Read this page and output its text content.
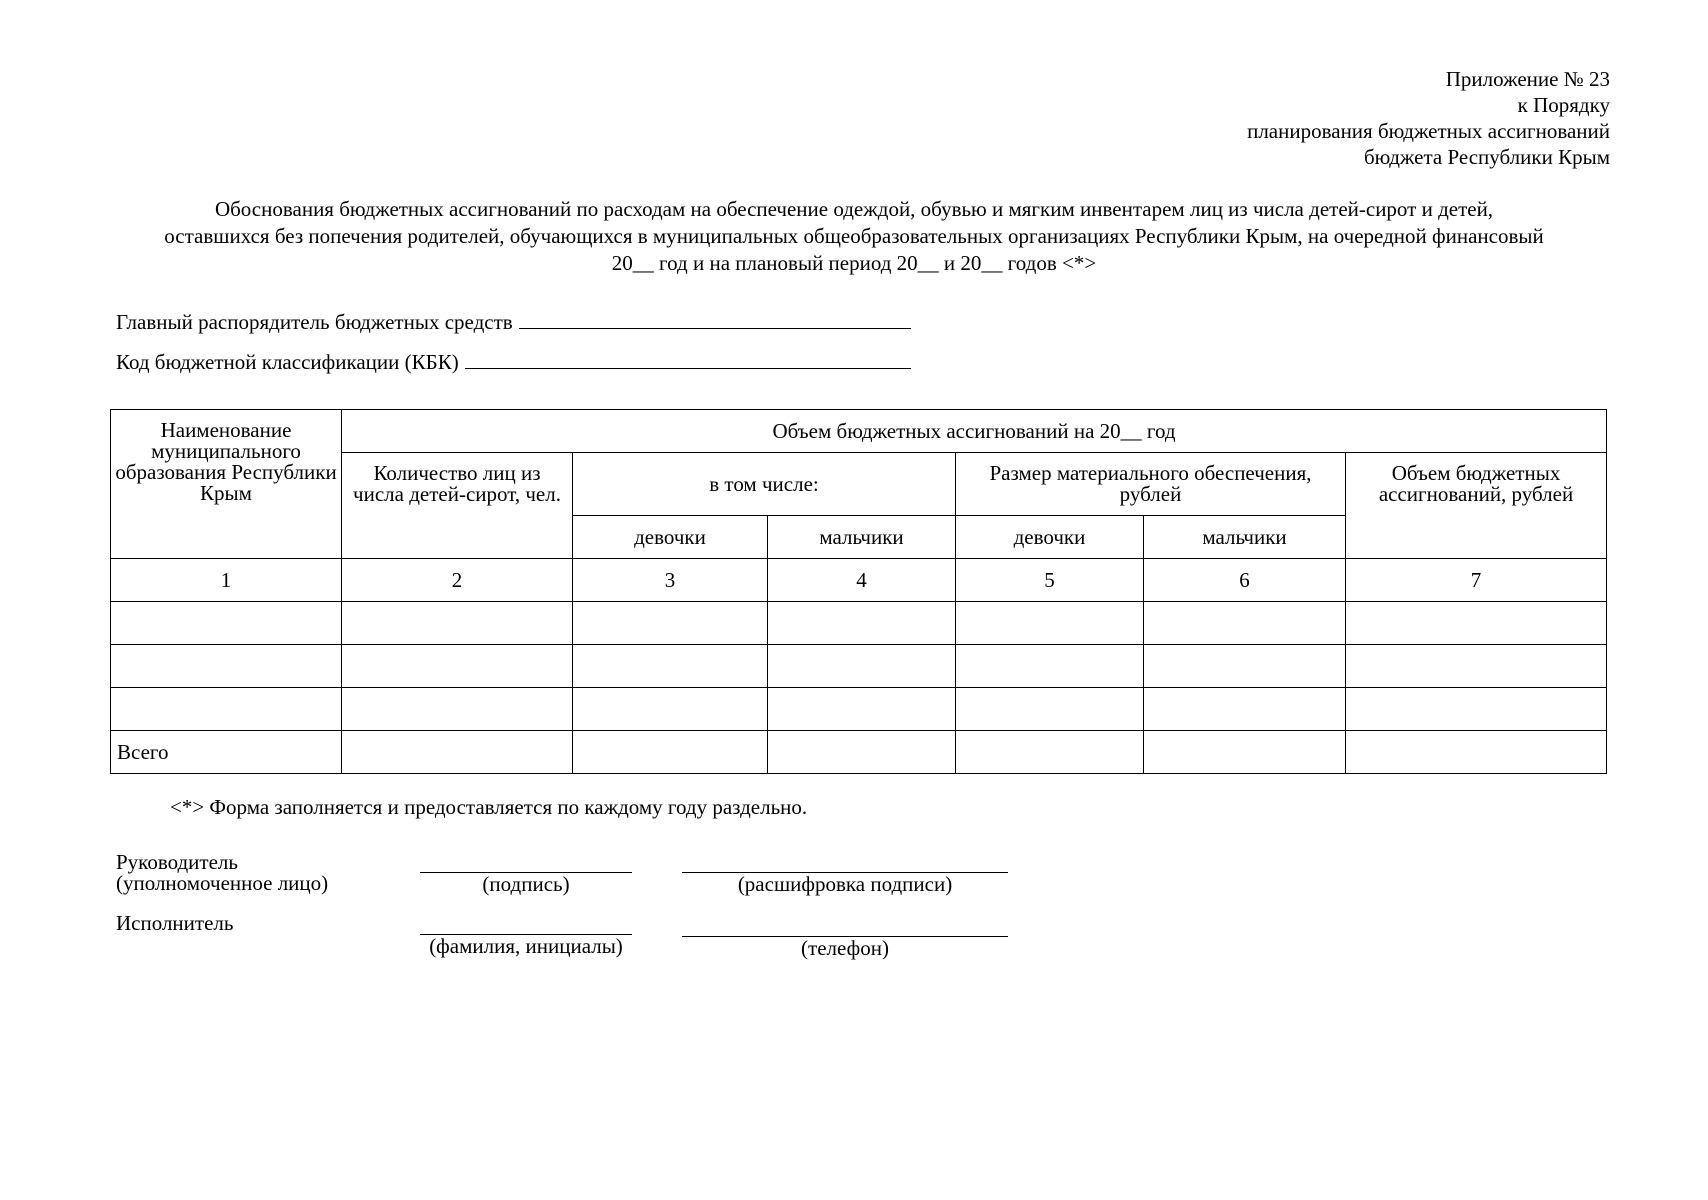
Приложение № 23
к Порядку
планирования бюджетных ассигнований
бюджета Республики Крым
Обоснования бюджетных ассигнований по расходам на обеспечение одеждой, обувью и мягким инвентарем лиц из числа детей-сирот и детей,
оставшихся без попечения родителей, обучающихся в муниципальных общеобразовательных организациях Республики Крым, на очередной финансовый
20__ год и на плановый период 20__ и 20__ годов <*>
Главный распорядитель бюджетных средств
Код бюджетной классификации (КБК)
Наименование муниципального образования Республики Крым	Объем бюджетных ассигнований на 20__ год					
	Количество лиц из числа детей-сирот, чел.	в том числе:		Размер материального обеспечения, рублей		Объем бюджетных ассигнований, рублей
		девочки	мальчики	девочки	мальчики	
1	2	3	4	5	6	7

Всего						
<*> Форма заполняется и предоставляется по каждому году раздельно.
Руководитель
(уполномоченное лицо)	(подпись)	(расшифровка подписи)
Исполнитель
(фамилия, инициалы)	(телефон)
